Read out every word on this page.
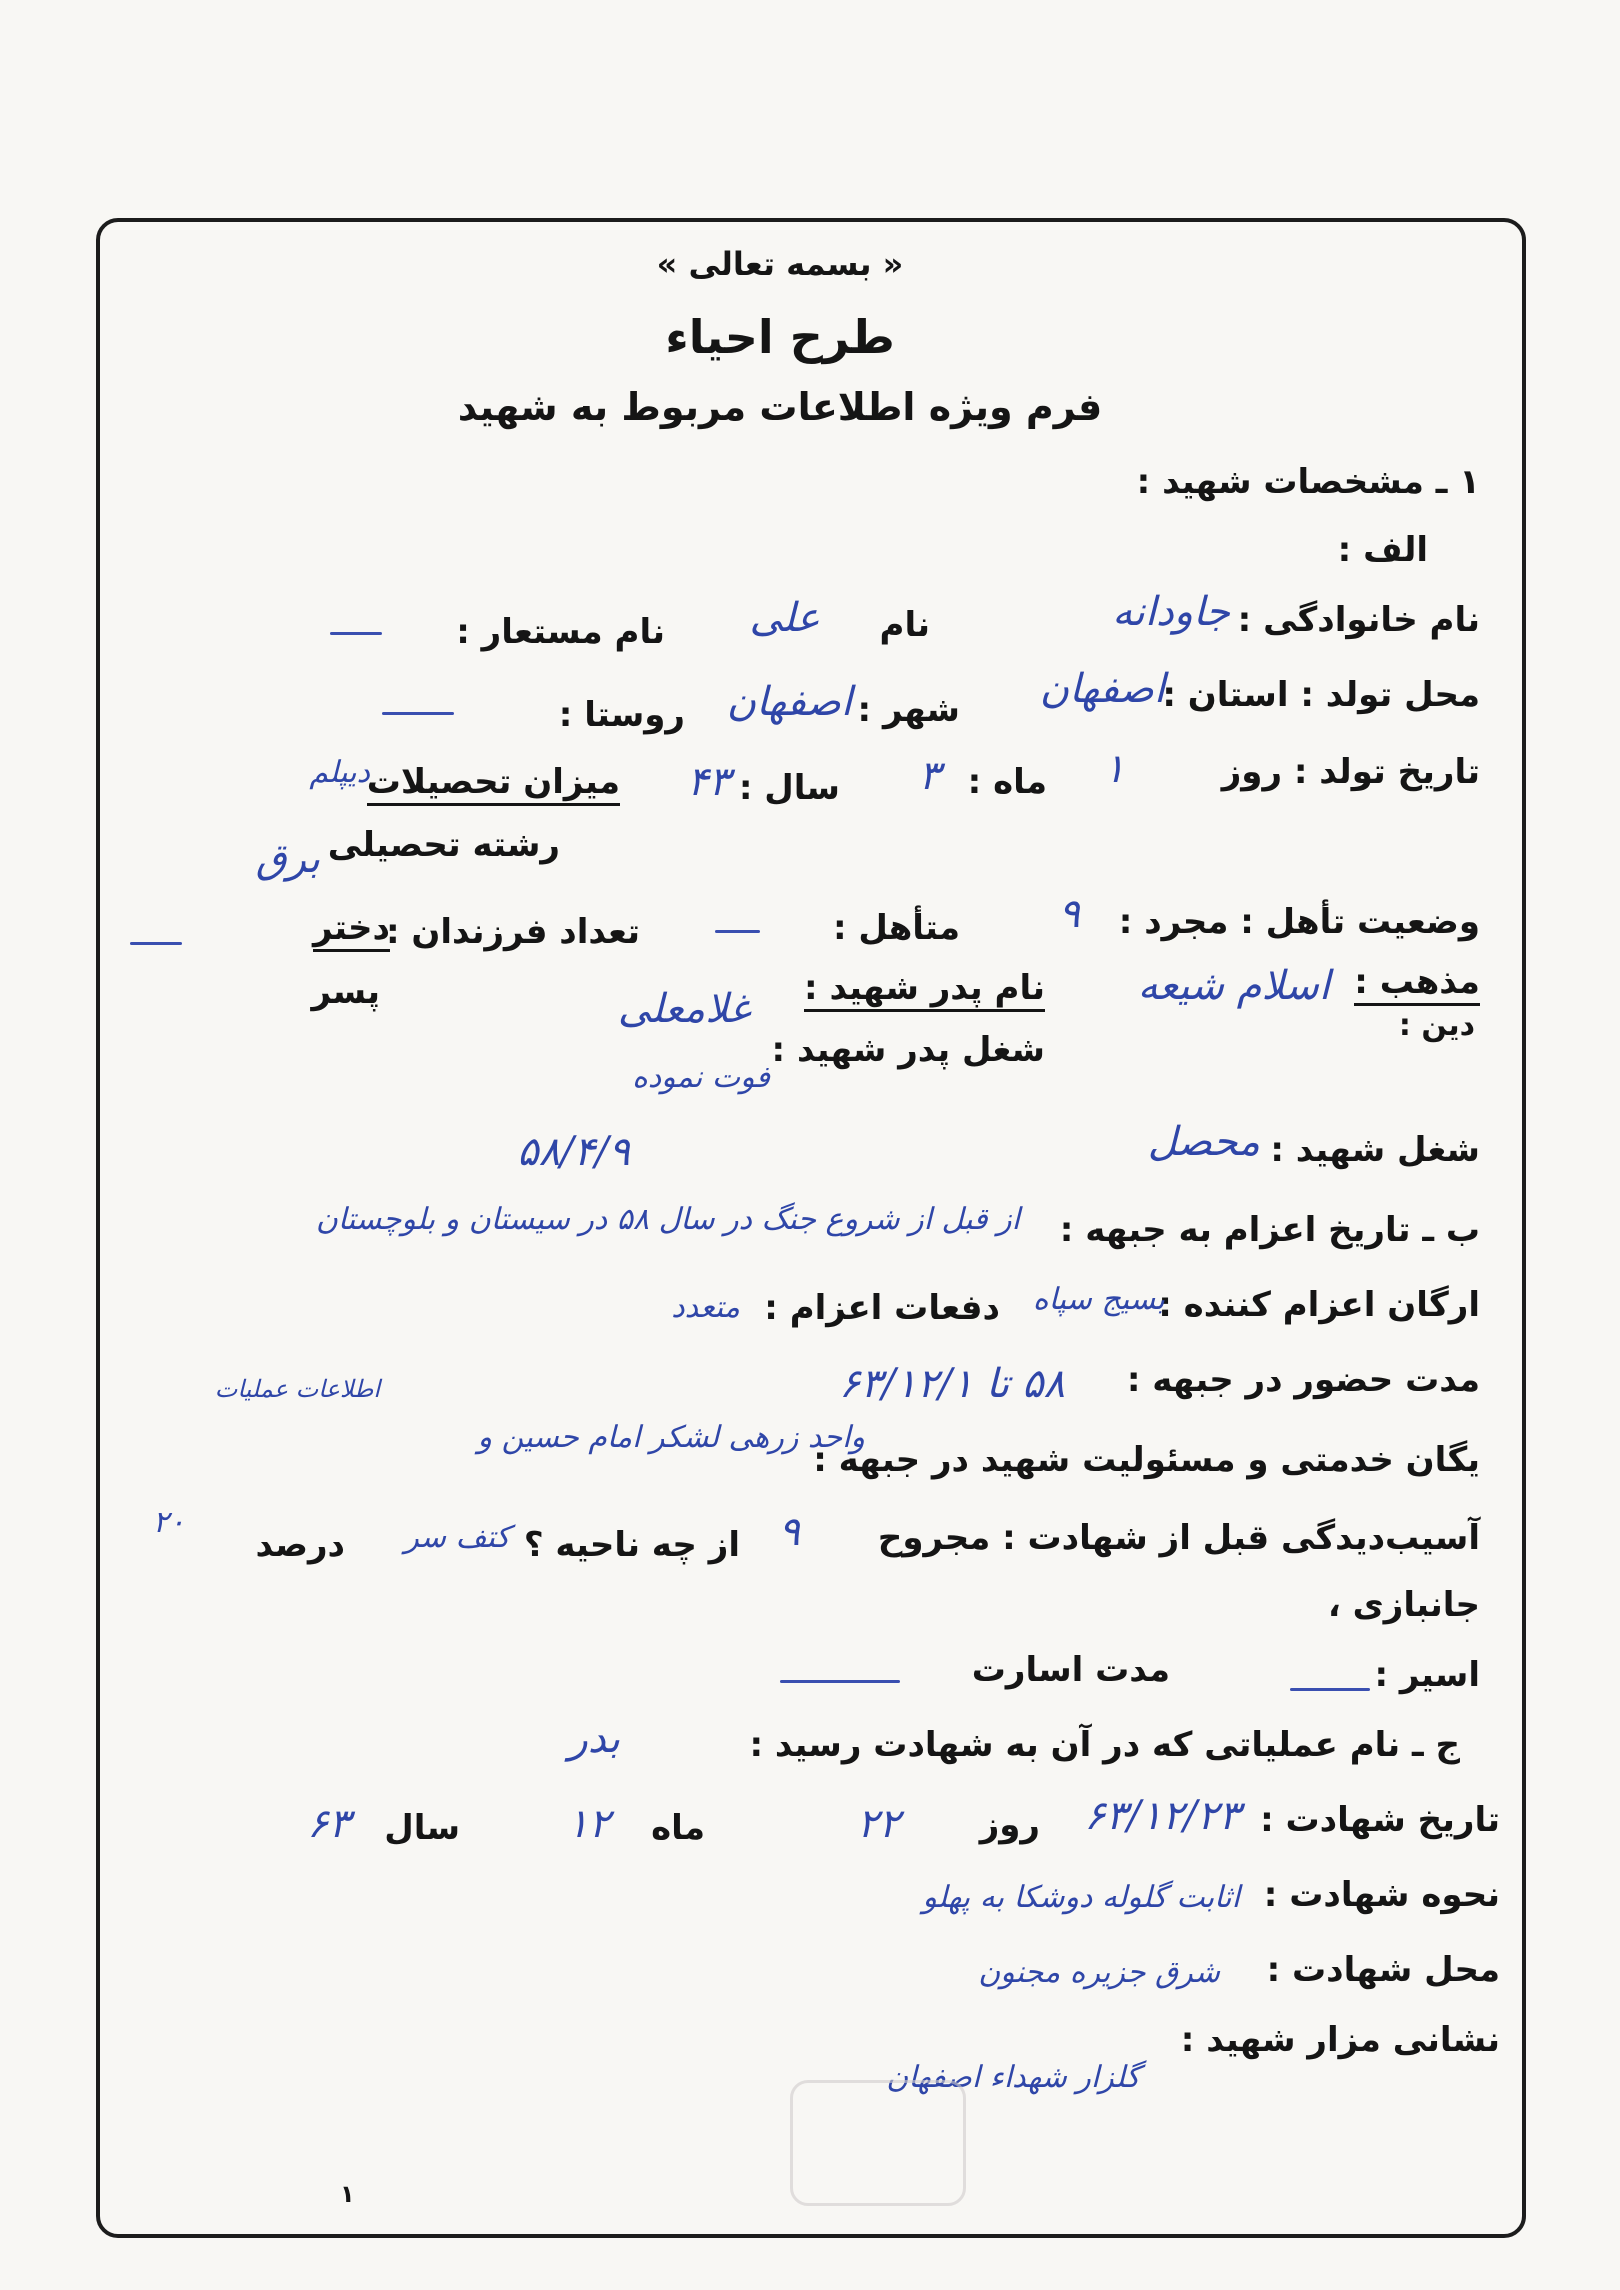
« بسمه تعالی »
طرح احیاء
فرم ویژه اطلاعات مربوط به شهید
۱ ـ مشخصات شهید :
الف :
نام خانوادگی :
جاودانه
نام
علی
نام مستعار :
محل تولد : استان :
اصفهان
شهر :
اصفهان
روستا :
تاریخ تولد : روز
۱
ماه :
۳
سال :
۴۳
میزان تحصیلات
دیپلم
رشته تحصیلی
برق
وضعیت تأهل : مجرد :
۹
متأهل :
تعداد فرزندان :
دختر
پسر	مذهب :
دین :
اسلام شیعه
نام پدر شهید :
غلامعلی
شغل پدر شهید :
فوت نموده
شغل شهید :
محصل
۵۸/۴/۹
ب ـ تاریخ اعزام به جبهه :
از قبل از شروع جنگ در سال ۵۸ در سیستان و بلوچستان
ارگان اعزام کننده :
بسیج سپاه
دفعات اعزام :
متعدد
مدت حضور در جبهه :
۵۸ تا ۶۳/۱۲/۱
اطلاعات عملیات
یگان خدمتی و مسئولیت شهید در جبهه :
واحد زرهی لشکر امام حسین و
آسیب‌دیدگی قبل از شهادت : مجروح
۹
از چه ناحیه ؟
کتف سر
درصد
۲۰
جانبازی ،
اسیر :
مدت اسارت
ج ـ نام عملیاتی که در آن به شهادت رسید :
بدر
تاریخ شهادت :
۶۳/۱۲/۲۳
روز
۲۲
ماه
۱۲
سال
۶۳
نحوه شهادت :
اثابت گلوله دوشکا به پهلو
محل شهادت :
شرق جزیره مجنون
نشانی مزار شهید :
گلزار شهداء اصفهان
۱
